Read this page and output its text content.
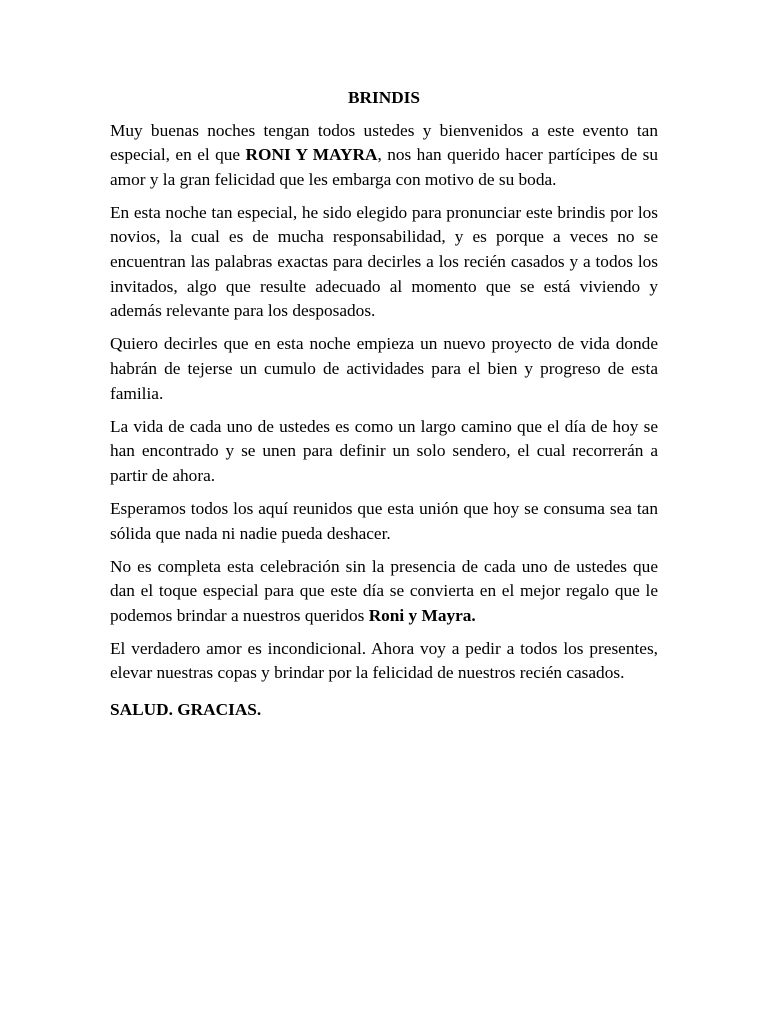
BRINDIS

Muy buenas noches tengan todos ustedes y bienvenidos a este evento tan especial, en el que RONI Y MAYRA, nos han querido hacer partícipes de su amor y la gran felicidad que les embarga con motivo de su boda.

En esta noche tan especial, he sido elegido para pronunciar este brindis por los novios, la cual es de mucha responsabilidad, y es porque a veces no se encuentran las palabras exactas para decirles a los recién casados y a todos los invitados, algo que resulte adecuado al momento que se está viviendo y además relevante para los desposados.

Quiero decirles que en esta noche empieza un nuevo proyecto de vida donde habrán de tejerse un cumulo de actividades para el bien y progreso de esta familia.

La vida de cada uno de ustedes es como un largo camino que el día de hoy se han encontrado y se unen para definir un solo sendero, el cual recorrerán a partir de ahora.

Esperamos todos los aquí reunidos que esta unión que hoy se consuma sea tan sólida que nada ni nadie pueda deshacer.

No es completa esta celebración sin la presencia de cada uno de ustedes que dan el toque especial para que este día se convierta en el mejor regalo que le podemos brindar a nuestros queridos Roni y Mayra.

El verdadero amor es incondicional. Ahora voy a pedir a todos los presentes, elevar nuestras copas y brindar por la felicidad de nuestros recién casados.

SALUD. GRACIAS.
